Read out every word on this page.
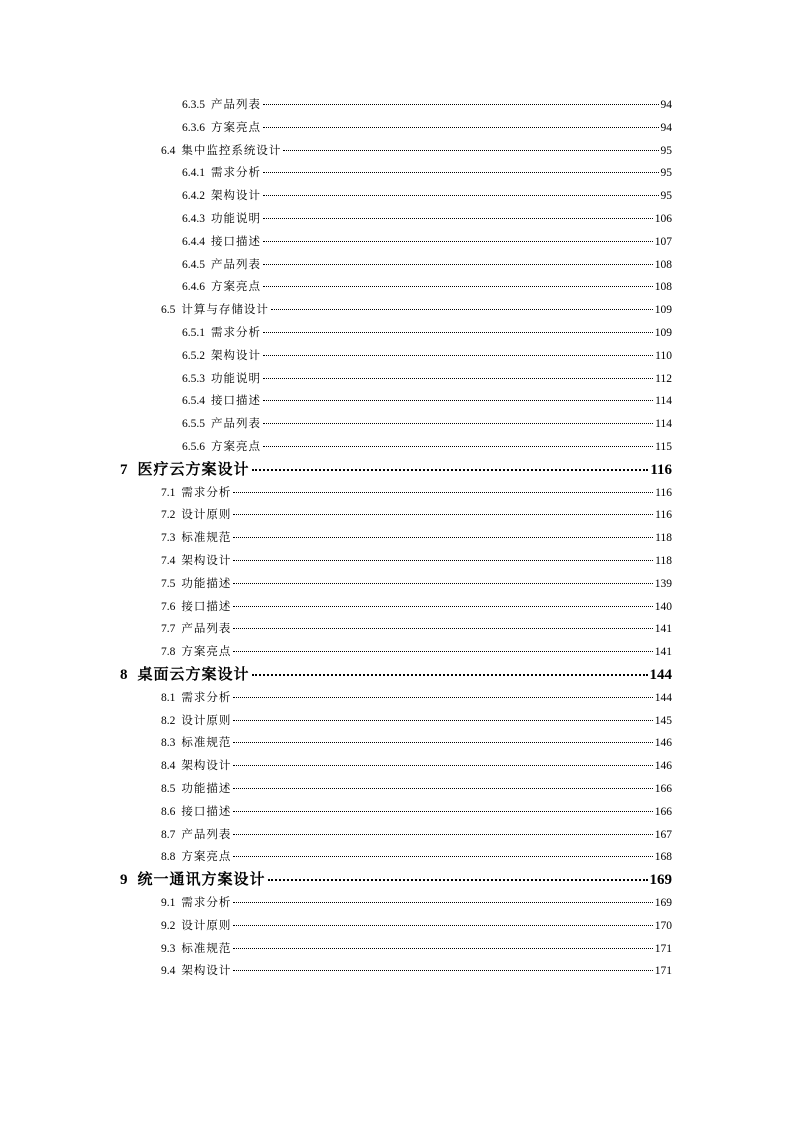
6.3.5 产品列表	94
6.3.6 方案亮点	94
6.4 集中监控系统设计	95
6.4.1 需求分析	95
6.4.2 架构设计	95
6.4.3 功能说明	106
6.4.4 接口描述	107
6.4.5 产品列表	108
6.4.6 方案亮点	108
6.5 计算与存储设计	109
6.5.1 需求分析	109
6.5.2 架构设计	110
6.5.3 功能说明	112
6.5.4 接口描述	114
6.5.5 产品列表	114
6.5.6 方案亮点	115
7 医疗云方案设计	116
7.1 需求分析	116
7.2 设计原则	116
7.3 标准规范	118
7.4 架构设计	118
7.5 功能描述	139
7.6 接口描述	140
7.7 产品列表	141
7.8 方案亮点	141
8 桌面云方案设计	144
8.1 需求分析	144
8.2 设计原则	145
8.3 标准规范	146
8.4 架构设计	146
8.5 功能描述	166
8.6 接口描述	166
8.7 产品列表	167
8.8 方案亮点	168
9 统一通讯方案设计	169
9.1 需求分析	169
9.2 设计原则	170
9.3 标准规范	171
9.4 架构设计	171
